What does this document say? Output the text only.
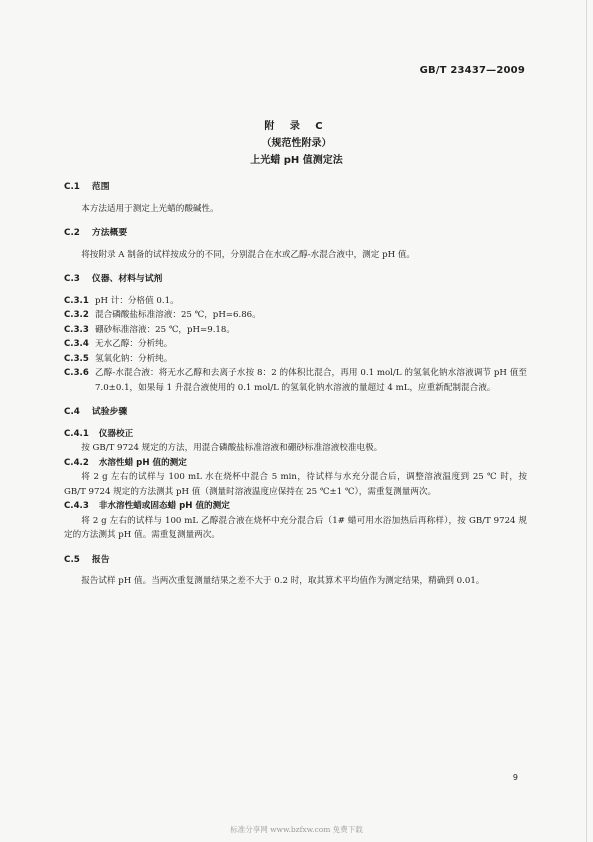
GB/T 23437—2009
附 录 C
（规范性附录）
上光蜡 pH 值测定法
C.1 范围

本方法适用于测定上光蜡的酸碱性。

C.2 方法概要

将按附录 A 制备的试样按成分的不同，分别混合在水或乙醇-水混合液中，测定 pH 值。

C.3 仪器、材料与试剂
C.3.1 pH 计：分格值 0.1。
C.3.2 混合磷酸盐标准溶液：25 ℃，pH=6.86。
C.3.3 硼砂标准溶液：25 ℃，pH=9.18。
C.3.4 无水乙醇：分析纯。
C.3.5 氢氧化钠：分析纯。
C.3.6 乙醇-水混合液：将无水乙醇和去离子水按 8：2 的体积比混合，再用 0.1 mol/L 的氢氧化钠水溶液调节 pH 值至 7.0±0.1，如果每 1 升混合液使用的 0.1 mol/L 的氢氧化钠水溶液的量超过 4 mL，应重新配制混合液。
C.4 试验步骤
C.4.1 仪器校正

按 GB/T 9724 规定的方法，用混合磷酸盐标准溶液和硼砂标准溶液校准电极。

C.4.2 水溶性蜡 pH 值的测定

将 2 g 左右的试样与 100 mL 水在烧杯中混合 5 min，待试样与水充分混合后，调整溶液温度到 25 ℃ 时，按 GB/T 9724 规定的方法测其 pH 值（测量时溶液温度应保持在 25 ℃±1 ℃），需重复测量两次。

C.4.3 非水溶性蜡或固态蜡 pH 值的测定

将 2 g 左右的试样与 100 mL 乙醇混合液在烧杯中充分混合后（1# 蜡可用水浴加热后再称样），按 GB/T 9724 规定的方法测其 pH 值。需重复测量两次。

C.5 报告

报告试样 pH 值。当两次重复测量结果之差不大于 0.2 时，取其算术平均值作为测定结果，精确到 0.01。

9
标准分享网 www.bzfxw.com 免费下载
